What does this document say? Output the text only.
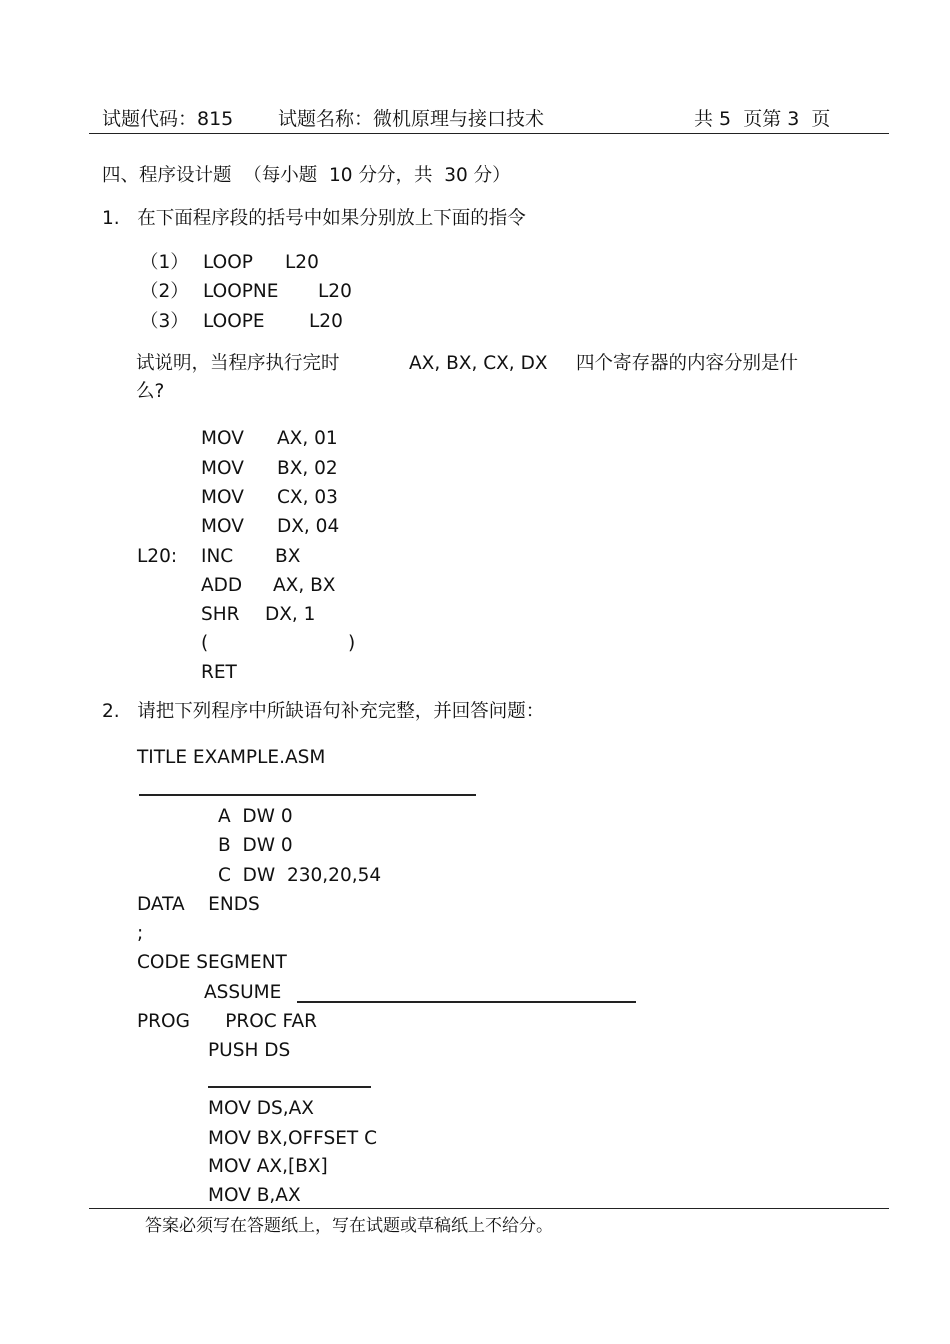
试题代码：815 试题名称：微机原理与接口技术	共 5  页第 3  页
四、程序设计题  （每小题  10 分分，共  30 分）
1.   在下面程序段的括号中如果分别放上下面的指令
（1） LOOP L20
（2） LOOPNE L20
（3） LOOPE L20
试说明，当程序执行完时	AX, BX, CX, DX 四个寄存器的内容分别是什
么?
MOV AX, 01
MOV BX, 02
MOV CX, 03
MOV DX, 04
L20: INC BX
ADD AX, BX
SHR DX, 1
(	)
RET
2.   请把下列程序中所缺语句补充完整，并回答问题：
TITLE EXAMPLE.ASM
A  DW 0
B  DW 0
C  DW  230,20,54
DATA    ENDS
;
CODE SEGMENT
ASSUME
PROG      PROC FAR
PUSH DS
MOV DS,AX
MOV BX,OFFSET C
MOV AX,[BX]
MOV B,AX
答案必须写在答题纸上，写在试题或草稿纸上不给分。
